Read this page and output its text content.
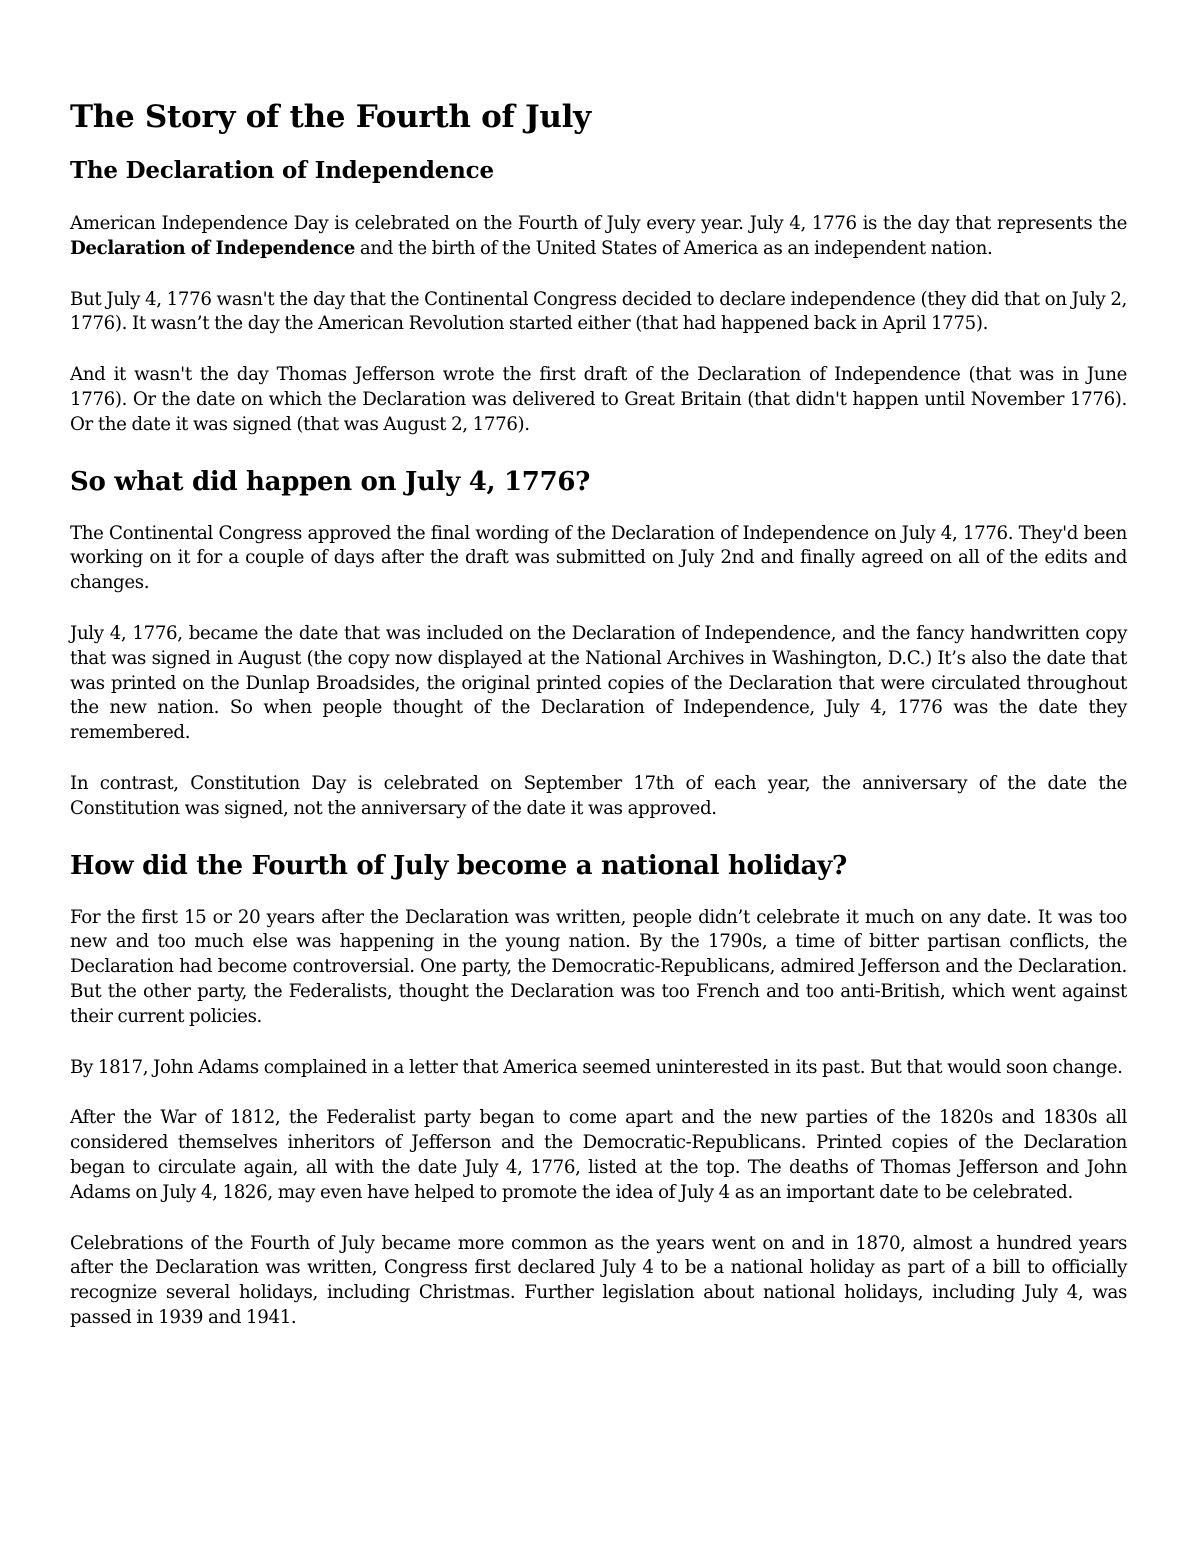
The Story of the Fourth of July
The Declaration of Independence

American Independence Day is celebrated on the Fourth of July every year. July 4, 1776 is the day that represents the Declaration of Independence and the birth of the United States of America as an independent nation.

But July 4, 1776 wasn't the day that the Continental Congress decided to declare independence (they did that on July 2, 1776). It wasn’t the day the American Revolution started either (that had happened back in April 1775).

And it wasn't the day Thomas Jefferson wrote the first draft of the Declaration of Independence (that was in June 1776). Or the date on which the Declaration was delivered to Great Britain (that didn't happen until November 1776). Or the date it was signed (that was August 2, 1776).

So what did happen on July 4, 1776?

The Continental Congress approved the final wording of the Declaration of Independence on July 4, 1776. They'd been working on it for a couple of days after the draft was submitted on July 2nd and finally agreed on all of the edits and changes.

July 4, 1776, became the date that was included on the Declaration of Independence, and the fancy handwritten copy that was signed in August (the copy now displayed at the National Archives in Washington, D.C.) It’s also the date that was printed on the Dunlap Broadsides, the original printed copies of the Declaration that were circulated throughout the new nation. So when people thought of the Declaration of Independence, July 4, 1776 was the date they remembered.

In contrast, Constitution Day is celebrated on September 17th of each year, the anniversary of the date the Constitution was signed, not the anniversary of the date it was approved.

How did the Fourth of July become a national holiday?

For the first 15 or 20 years after the Declaration was written, people didn’t celebrate it much on any date. It was too new and too much else was happening in the young nation. By the 1790s, a time of bitter partisan conflicts, the Declaration had become controversial. One party, the Democratic-Republicans, admired Jefferson and the Declaration. But the other party, the Federalists, thought the Declaration was too French and too anti-British, which went against their current policies.

By 1817, John Adams complained in a letter that America seemed uninterested in its past. But that would soon change.

After the War of 1812, the Federalist party began to come apart and the new parties of the 1820s and 1830s all considered themselves inheritors of Jefferson and the Democratic-Republicans. Printed copies of the Declaration began to circulate again, all with the date July 4, 1776, listed at the top. The deaths of Thomas Jefferson and John Adams on July 4, 1826, may even have helped to promote the idea of July 4 as an important date to be celebrated.

Celebrations of the Fourth of July became more common as the years went on and in 1870, almost a hundred years after the Declaration was written, Congress first declared July 4 to be a national holiday as part of a bill to officially recognize several holidays, including Christmas. Further legislation about national holidays, including July 4, was passed in 1939 and 1941.
